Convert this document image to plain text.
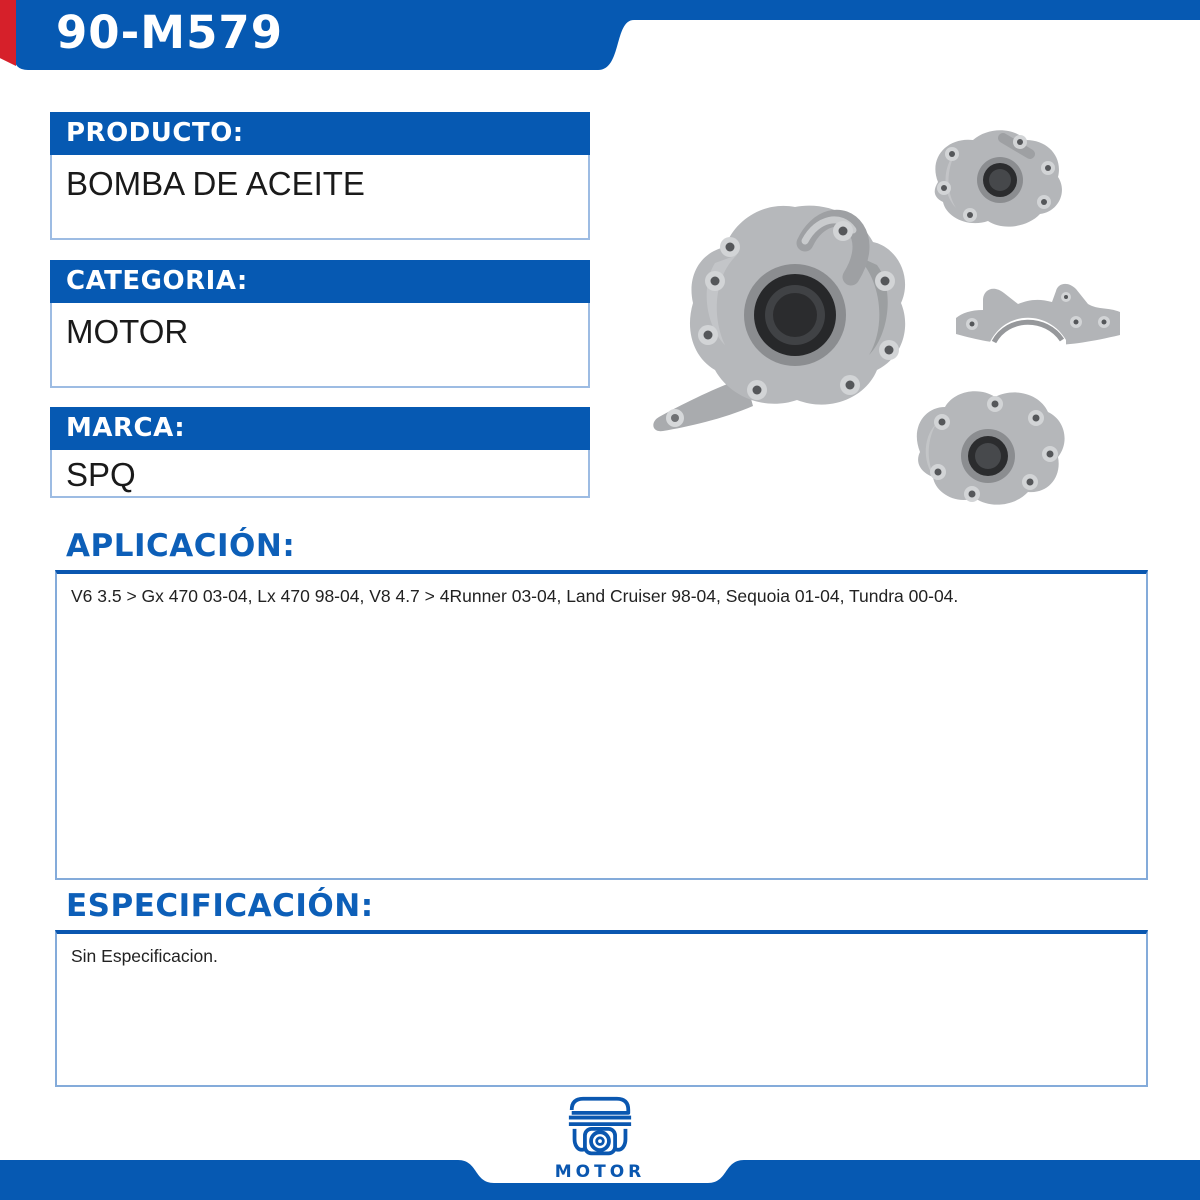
90-M579
PRODUCTO:
BOMBA DE ACEITE
CATEGORIA:
MOTOR
MARCA:
SPQ
APLICACIÓN:
V6 3.5 > Gx 470 03-04, Lx 470 98-04, V8 4.7 > 4Runner 03-04, Land Cruiser 98-04, Sequoia 01-04, Tundra 00-04.
ESPECIFICACIÓN:
Sin Especificacion.
MOTOR
